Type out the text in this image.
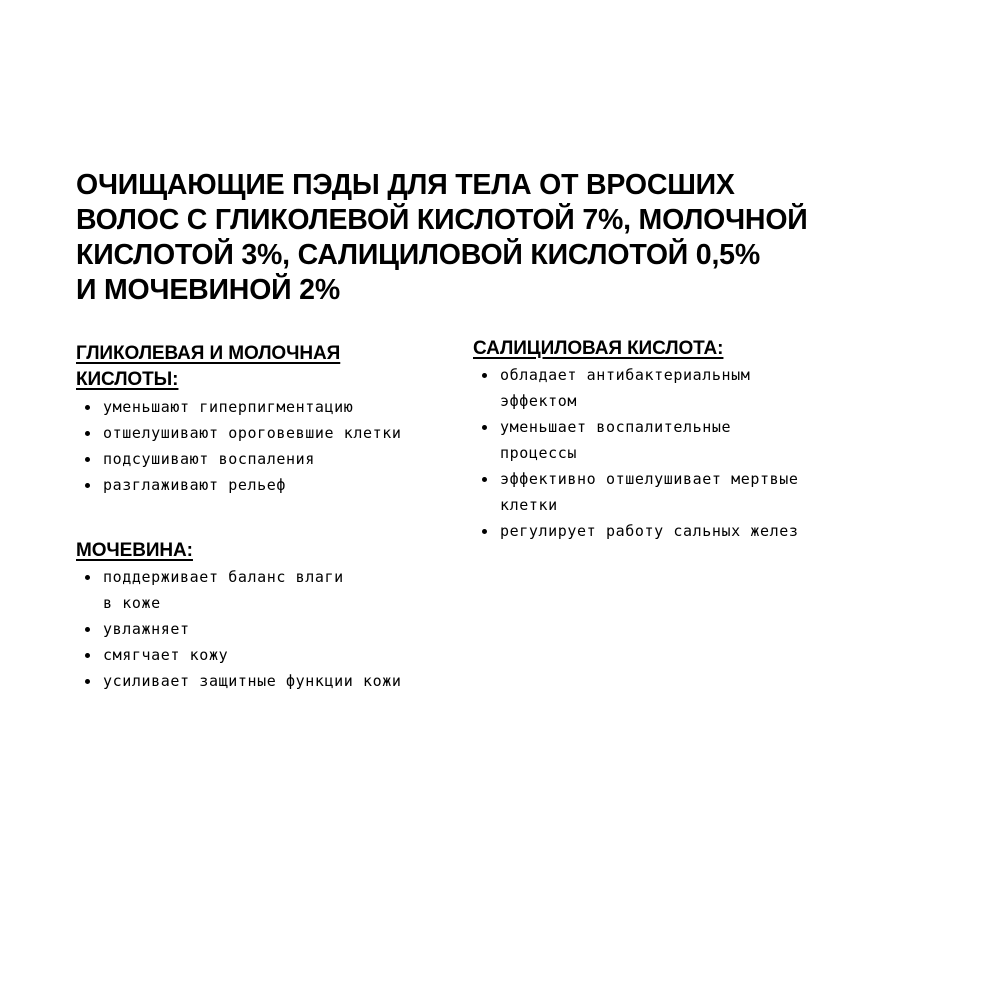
ОЧИЩАЮЩИЕ ПЭДЫ ДЛЯ ТЕЛА ОТ ВРОСШИХ
ВОЛОС С ГЛИКОЛЕВОЙ КИСЛОТОЙ 7%, МОЛОЧНОЙ
КИСЛОТОЙ 3%, САЛИЦИЛОВОЙ КИСЛОТОЙ 0,5%
И МОЧЕВИНОЙ 2%
ГЛИКОЛЕВАЯ И МОЛОЧНАЯ
КИСЛОТЫ:
уменьшают гиперпигментацию
отшелушивают ороговевшие клетки
подсушивают воспаления
разглаживают рельеф
МОЧЕВИНА:
поддерживает баланс влаги
в коже
увлажняет
смягчает кожу
усиливает защитные функции кожи
САЛИЦИЛОВАЯ КИСЛОТА:
обладает антибактериальным
эффектом
уменьшает воспалительные
процессы
эффективно отшелушивает мертвые
клетки
регулирует работу сальных желез
